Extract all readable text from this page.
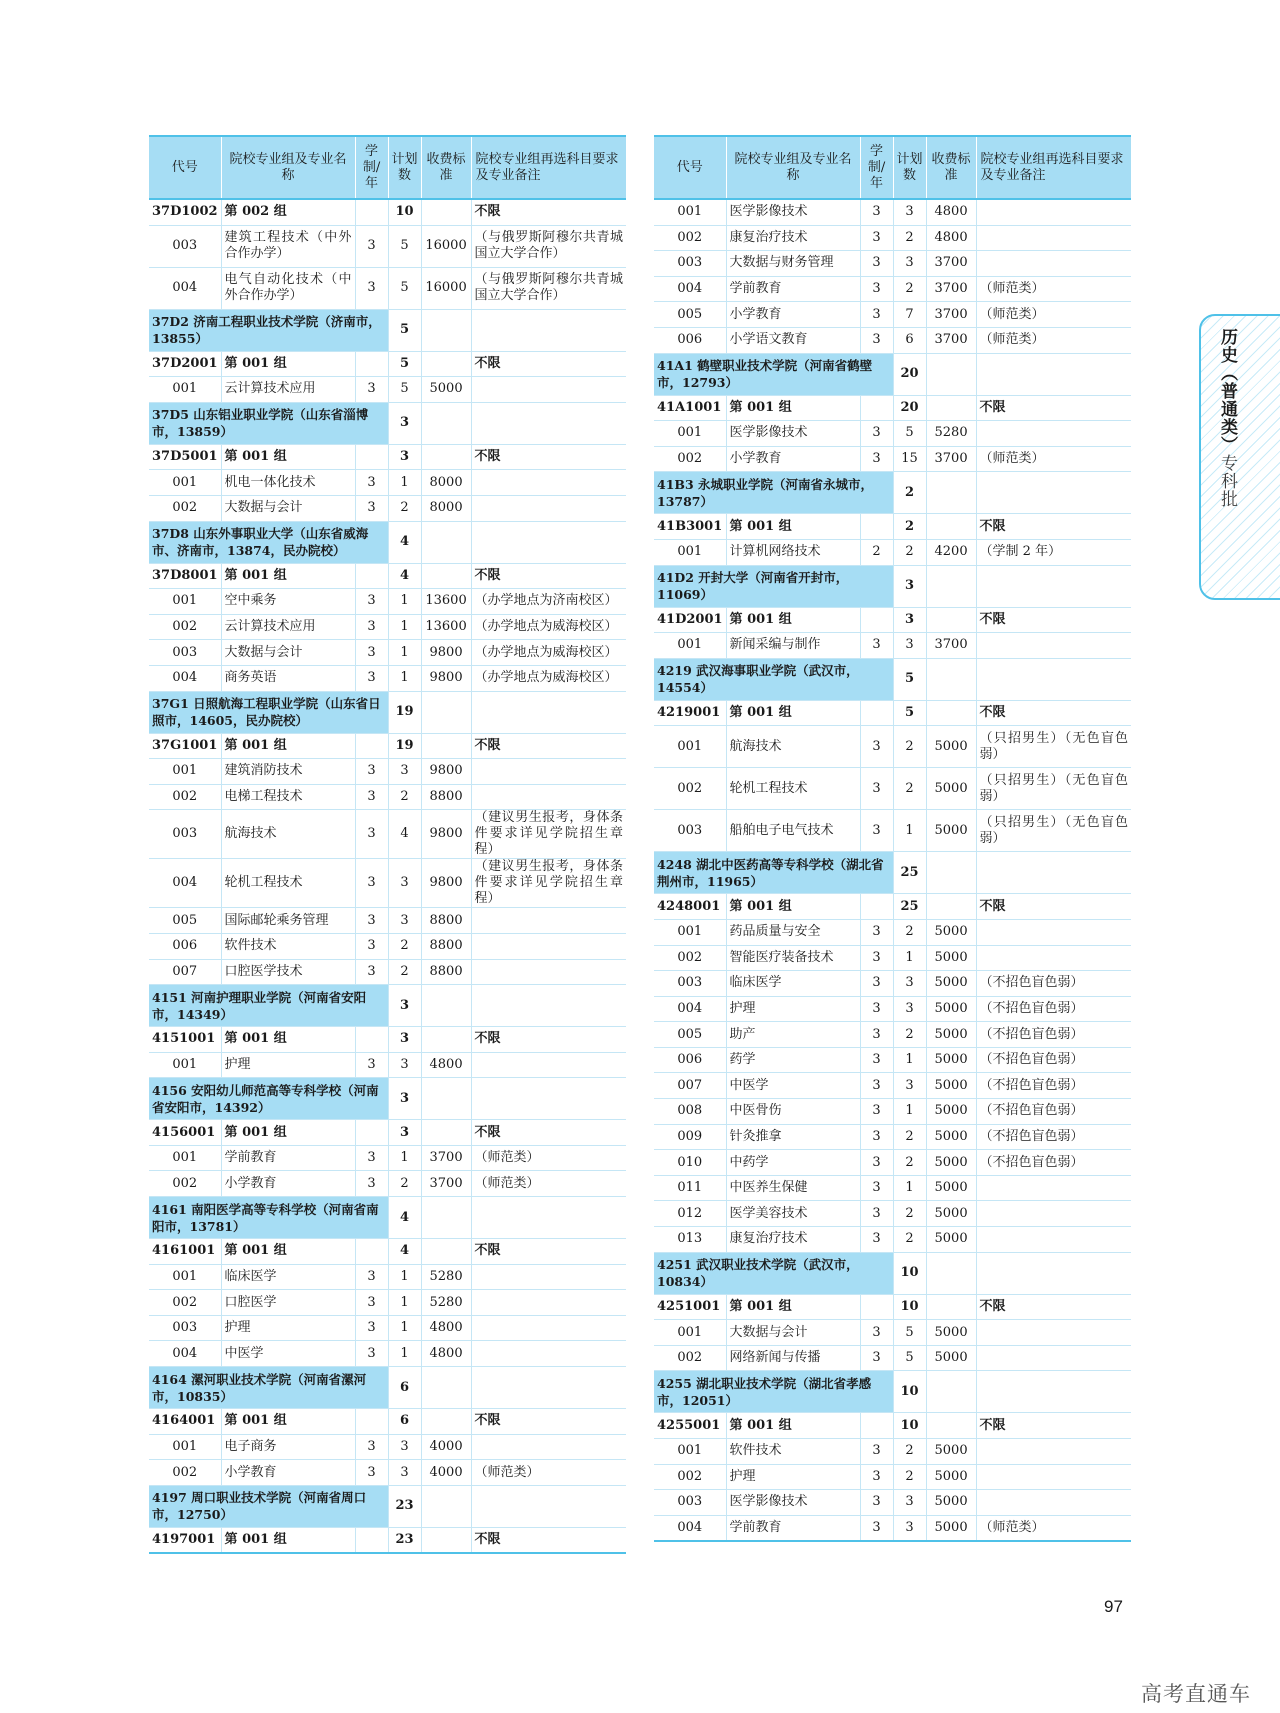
代号	院校专业组及专业名称	学制/年	计划数	收费标准	院校专业组再选科目要求及专业备注
37D1002	第 002 组		10		不限
003	建筑工程技术（中外合作办学）	3	5	16000	（与俄罗斯阿穆尔共青城国立大学合作）
004	电气自动化技术（中外合作办学）	3	5	16000	（与俄罗斯阿穆尔共青城国立大学合作）
37D2 济南工程职业技术学院（济南市，13855）			5		
37D2001	第 001 组		5		不限
001	云计算技术应用	3	5	5000	
37D5 山东铝业职业学院（山东省淄博市，13859）			3		
37D5001	第 001 组		3		不限
001	机电一体化技术	3	1	8000	
002	大数据与会计	3	2	8000	
37D8 山东外事职业大学（山东省威海市、济南市，13874，民办院校）			4		
37D8001	第 001 组		4		不限
001	空中乘务	3	1	13600	（办学地点为济南校区）
002	云计算技术应用	3	1	13600	（办学地点为威海校区）
003	大数据与会计	3	1	9800	（办学地点为威海校区）
004	商务英语	3	1	9800	（办学地点为威海校区）
37G1 日照航海工程职业学院（山东省日照市，14605，民办院校）			19		
37G1001	第 001 组		19		不限
001	建筑消防技术	3	3	9800	
002	电梯工程技术	3	2	8800	
003	航海技术	3	4	9800	（建议男生报考，身体条件要求详见学院招生章程）
004	轮机工程技术	3	3	9800	（建议男生报考，身体条件要求详见学院招生章程）
005	国际邮轮乘务管理	3	3	8800	
006	软件技术	3	2	8800	
007	口腔医学技术	3	2	8800	
4151 河南护理职业学院（河南省安阳市，14349）			3		
4151001	第 001 组		3		不限
001	护理	3	3	4800	
4156 安阳幼儿师范高等专科学校（河南省安阳市，14392）			3		
4156001	第 001 组		3		不限
001	学前教育	3	1	3700	（师范类）
002	小学教育	3	2	3700	（师范类）
4161 南阳医学高等专科学校（河南省南阳市，13781）			4		
4161001	第 001 组		4		不限
001	临床医学	3	1	5280	
002	口腔医学	3	1	5280	
003	护理	3	1	4800	
004	中医学	3	1	4800	
4164 漯河职业技术学院（河南省漯河市，10835）			6		
4164001	第 001 组		6		不限
001	电子商务	3	3	4000	
002	小学教育	3	3	4000	（师范类）
4197 周口职业技术学院（河南省周口市，12750）			23		
4197001	第 001 组		23		不限
代号	院校专业组及专业名称	学制/年	计划数	收费标准	院校专业组再选科目要求及专业备注
001	医学影像技术	3	3	4800	
002	康复治疗技术	3	2	4800	
003	大数据与财务管理	3	3	3700	
004	学前教育	3	2	3700	（师范类）
005	小学教育	3	7	3700	（师范类）
006	小学语文教育	3	6	3700	（师范类）
41A1 鹤壁职业技术学院（河南省鹤壁市，12793）			20		
41A1001	第 001 组		20		不限
001	医学影像技术	3	5	5280	
002	小学教育	3	15	3700	（师范类）
41B3 永城职业学院（河南省永城市，13787）			2		
41B3001	第 001 组		2		不限
001	计算机网络技术	2	2	4200	（学制 2 年）
41D2 开封大学（河南省开封市，11069）			3		
41D2001	第 001 组		3		不限
001	新闻采编与制作	3	3	3700	
4219 武汉海事职业学院（武汉市，14554）			5		
4219001	第 001 组		5		不限
001	航海技术	3	2	5000	（只招男生）（无色盲色弱）
002	轮机工程技术	3	2	5000	（只招男生）（无色盲色弱）
003	船舶电子电气技术	3	1	5000	（只招男生）（无色盲色弱）
4248 湖北中医药高等专科学校（湖北省荆州市，11965）			25		
4248001	第 001 组		25		不限
001	药品质量与安全	3	2	5000	
002	智能医疗装备技术	3	1	5000	
003	临床医学	3	3	5000	（不招色盲色弱）
004	护理	3	3	5000	（不招色盲色弱）
005	助产	3	2	5000	（不招色盲色弱）
006	药学	3	1	5000	（不招色盲色弱）
007	中医学	3	3	5000	（不招色盲色弱）
008	中医骨伤	3	1	5000	（不招色盲色弱）
009	针灸推拿	3	2	5000	（不招色盲色弱）
010	中药学	3	2	5000	（不招色盲色弱）
011	中医养生保健	3	1	5000	
012	医学美容技术	3	2	5000	
013	康复治疗技术	3	2	5000	
4251 武汉职业技术学院（武汉市，10834）			10		
4251001	第 001 组		10		不限
001	大数据与会计	3	5	5000	
002	网络新闻与传播	3	5	5000	
4255 湖北职业技术学院（湖北省孝感市，12051）			10		
4255001	第 001 组		10		不限
001	软件技术	3	2	5000	
002	护理	3	2	5000	
003	医学影像技术	3	3	5000	
004	学前教育	3	3	5000	（师范类）
历史（普通类）专科批
97
高考直通车
